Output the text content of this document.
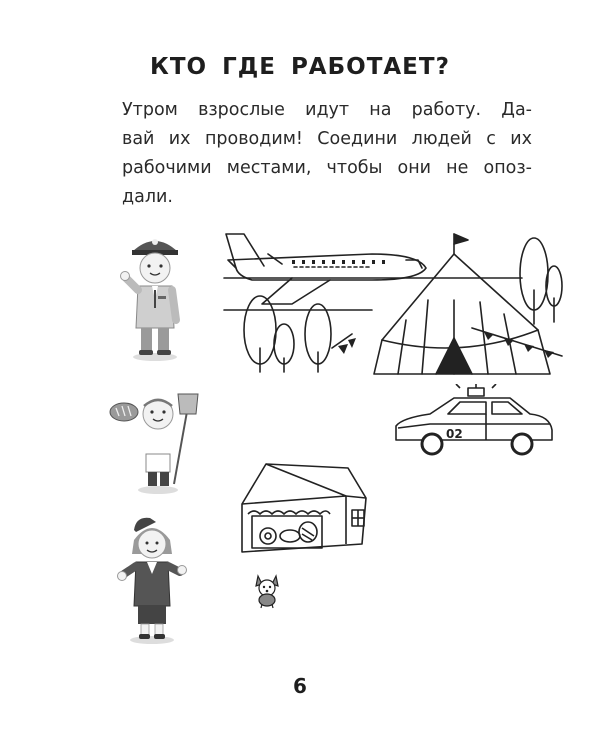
КТО ГДЕ РАБОТАЕТ?
Утром взрослые идут на работу. Да-
вай их проводим! Соедини людей с их
рабочими местами, чтобы они не опоз-
дали.
02
6
